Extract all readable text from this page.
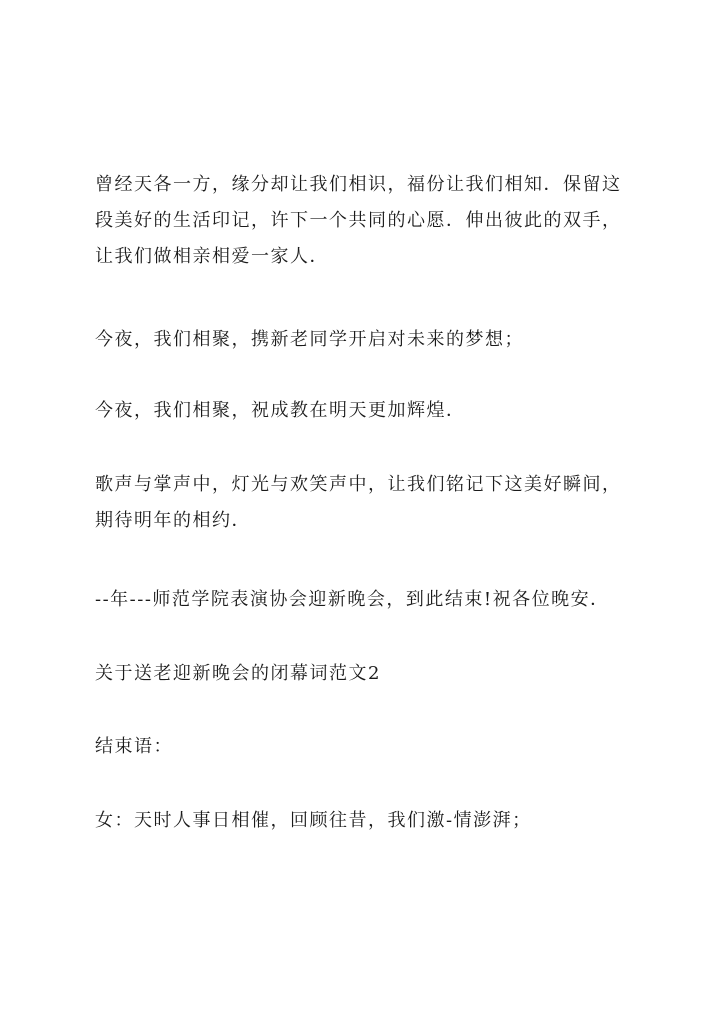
曾经天各一方，缘分却让我们相识，福份让我们相知．保留这段美好的生活印记，许下一个共同的心愿．伸出彼此的双手，让我们做相亲相爱一家人．

今夜，我们相聚，携新老同学开启对未来的梦想；

今夜，我们相聚，祝成教在明天更加辉煌．

歌声与掌声中，灯光与欢笑声中，让我们铭记下这美好瞬间，期待明年的相约．

--年---师范学院表演协会迎新晚会，到此结束!祝各位晚安．

关于送老迎新晚会的闭幕词范文2

结束语：

女：天时人事日相催，回顾往昔，我们激-情澎湃；
